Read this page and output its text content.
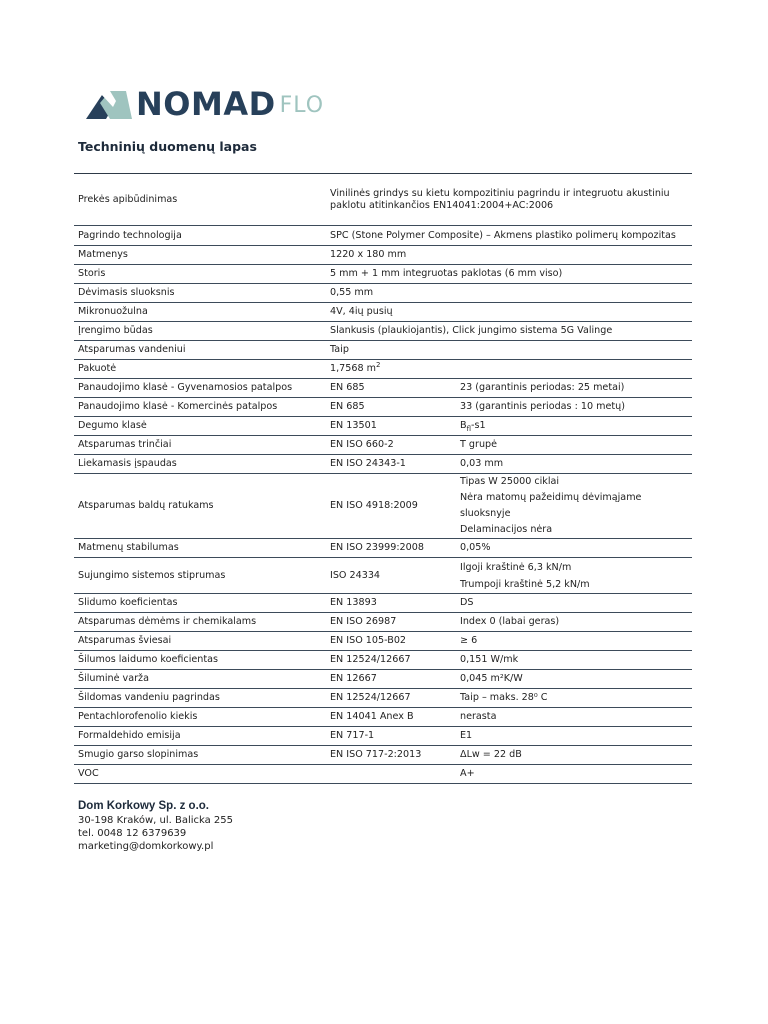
NOMAD FLO
Techninių duomenų lapas
Prekės apibūdinimas	Vinilinės grindys su kietu kompozitiniu pagrindu ir integruotu akustiniu paklotu atitinkančios EN14041:2004+AC:2006	
Pagrindo technologija	SPC (Stone Polymer Composite) – Akmens plastiko polimerų kompozitas	
Matmenys	1220 x 180 mm	
Storis	5 mm + 1 mm integruotas paklotas (6 mm viso)	
Dėvimasis sluoksnis	0,55 mm	
Mikronuožulna	4V, 4ių pusių	
Įrengimo būdas	Slankusis (plaukiojantis), Click jungimo sistema 5G Valinge	
Atsparumas vandeniui	Taip	
Pakuotė	1,7568 $m^2$
Panaudojimo klasė - Gyvenamosios patalpos	EN 685	23 (garantinis periodas: 25 metai)
Panaudojimo klasė - Komercinės patalpos	EN 685	33 (garantinis periodas : 10 metų)
Degumo klasė	EN 13501	$B_{fl}-s1$
Atsparumas trinčiai	EN ISO 660-2	T grupė
Liekamasis įspaudas	EN ISO 24343-1	0,03 mm
Atsparumas baldų ratukams	EN ISO 4918:2009	Tipas W 25000 ciklai
Nėra matomų pažeidimų dėvimąjame sluoksnyje
Delaminacijos nėra

Matmenų stabilumas	EN ISO 23999:2008	0,05%
Sujungimo sistemos stiprumas	ISO 24334	Ilgoji kraštinė 6,3 kN/m
Trumpoji kraštinė 5,2 kN/m

Slidumo koeficientas	EN 13893	DS
Atsparumas dėmėms ir chemikalams	EN ISO 26987	Index 0 (labai geras)
Atsparumas šviesai	EN ISO 105-B02	≥ 6
Šilumos laidumo koeficientas	EN 12524/12667	0,151 W/mk
Šiluminė varža	EN 12667	0,045 m²K/W
Šildomas vandeniu pagrindas	EN 12524/12667	Taip – maks. 28⁰ C
Pentachlorofenolio kiekis	EN 14041 Anex B	nerasta
Formaldehido emisija	EN 717-1	E1
Smugio garso slopinimas	EN ISO 717-2:2013	ΔLw = 22 dB
VOC		A+
Dom Korkowy Sp. z o.o.
30-198 Kraków, ul. Balicka 255
tel. 0048 12 6379639
marketing@domkorkowy.pl
